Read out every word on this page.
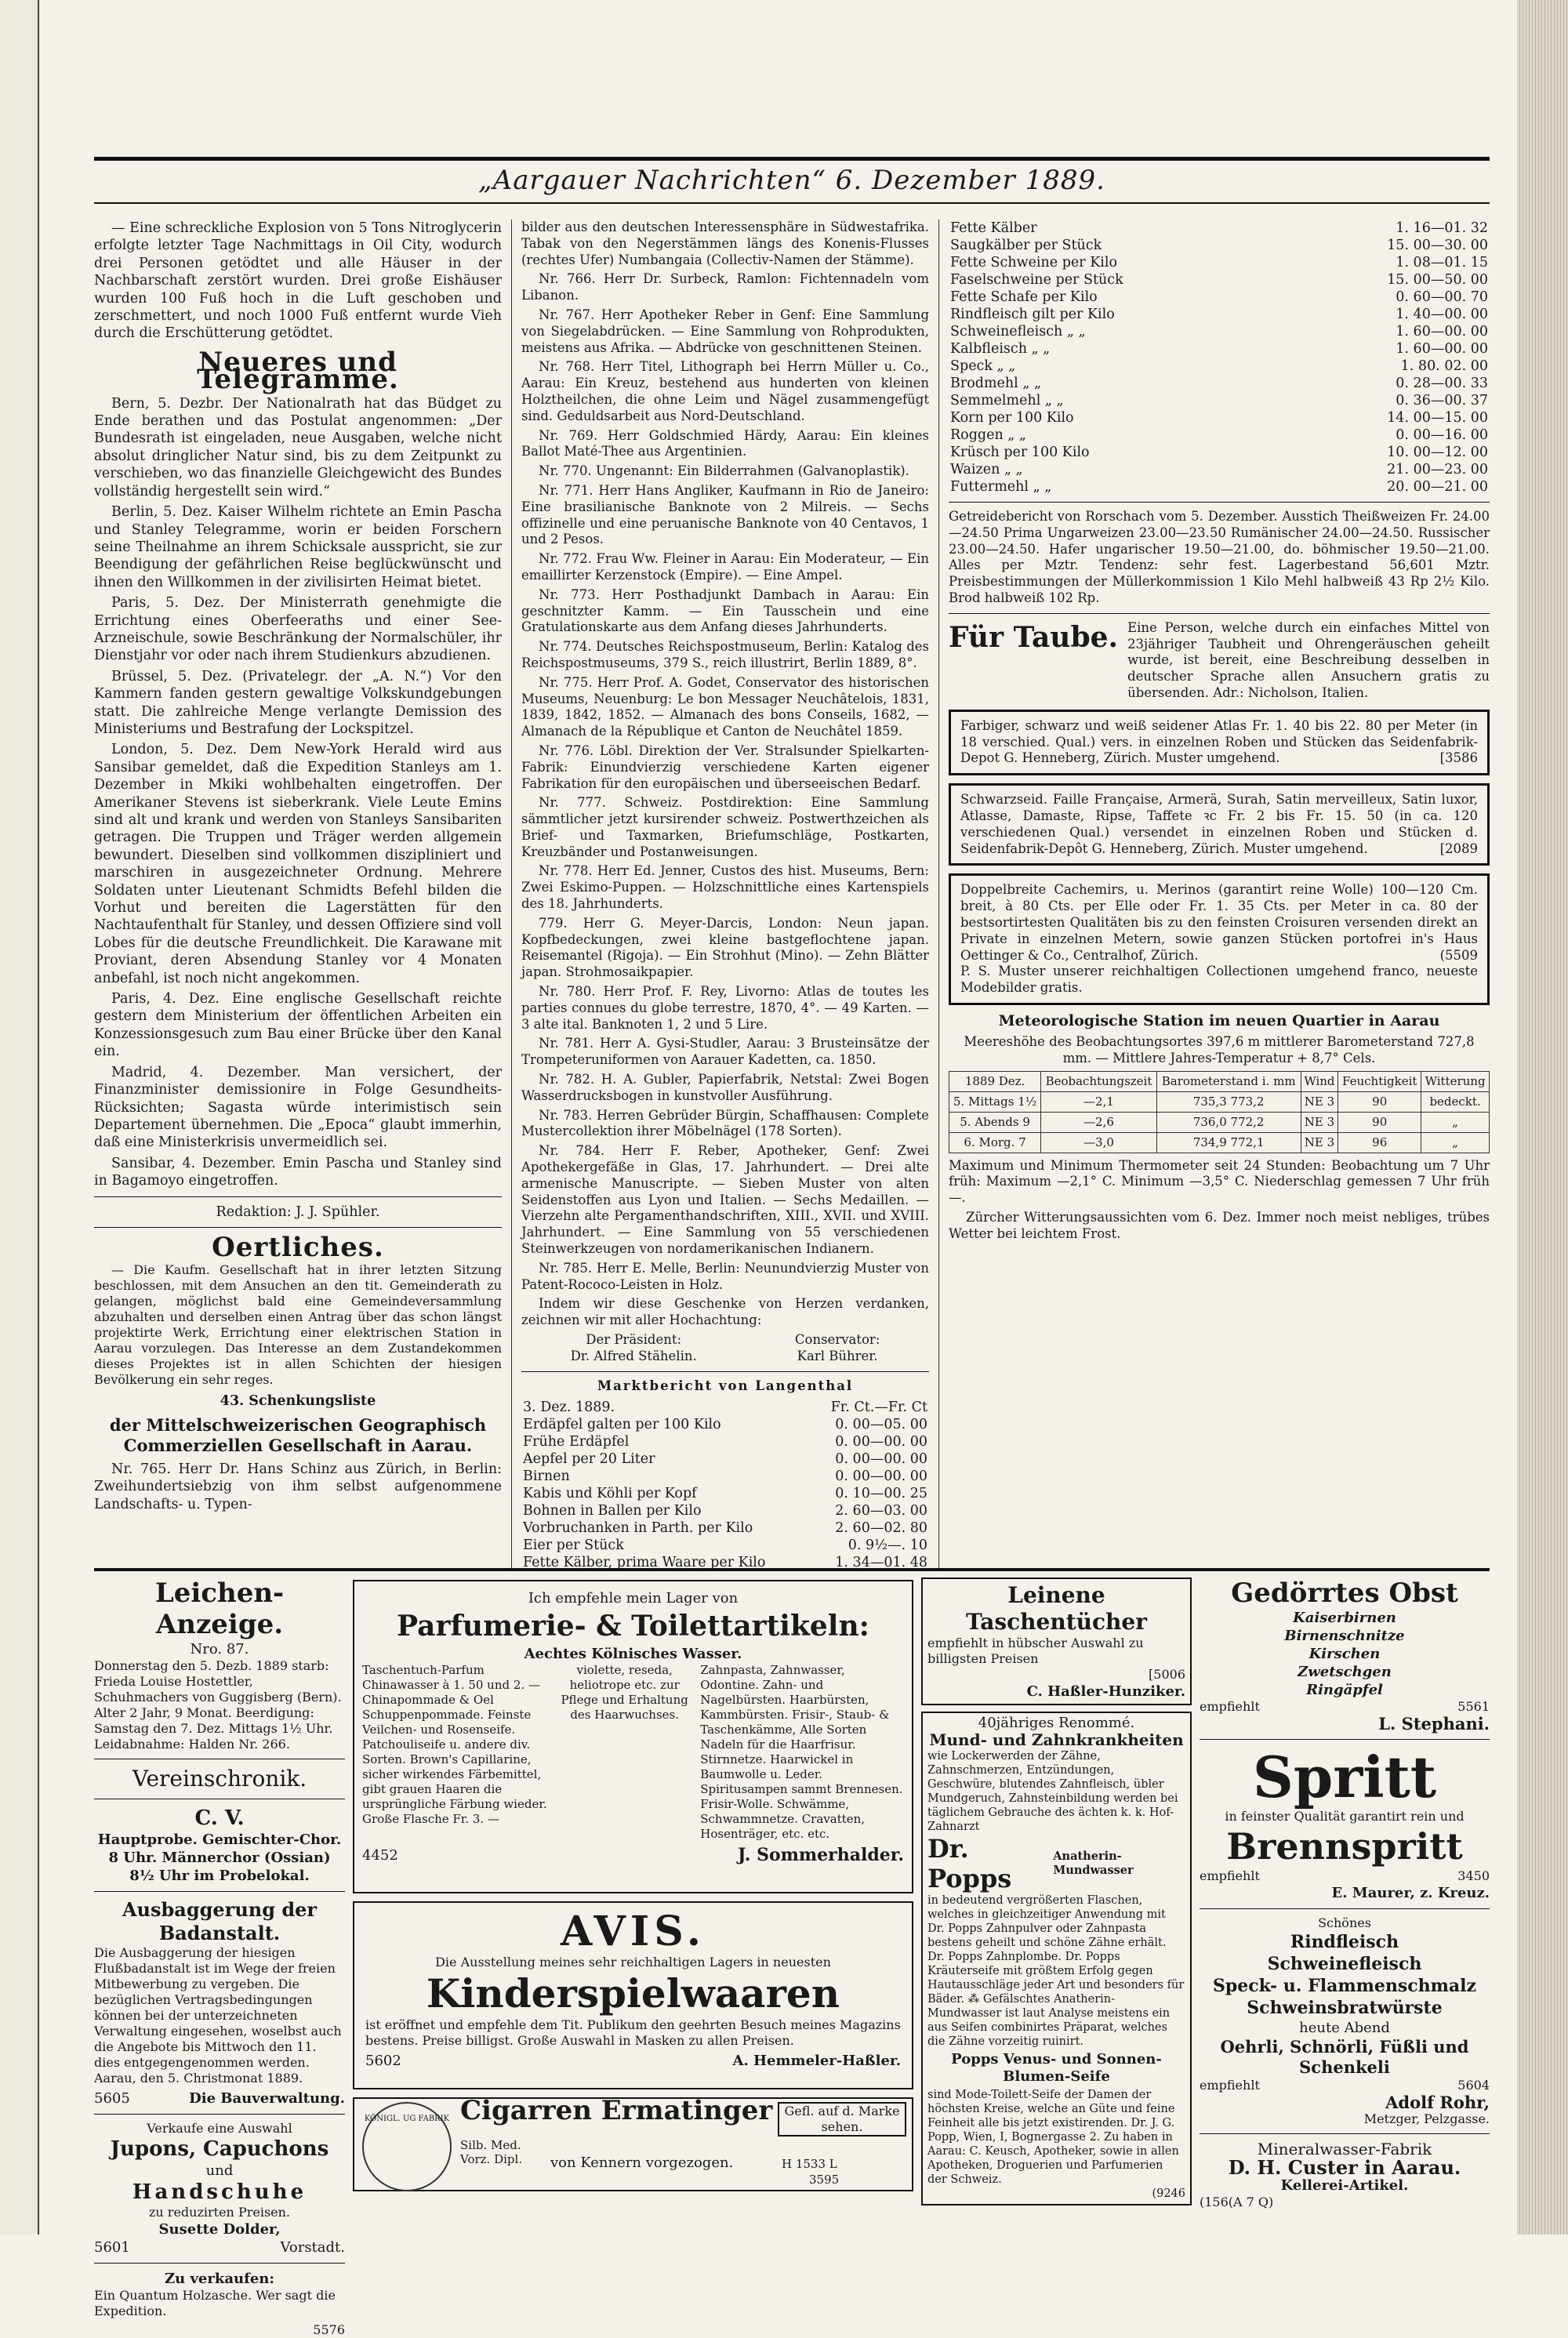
„Aargauer Nachrichten“ 6. Dezember 1889.

— Eine schreckliche Explosion von 5 Tons Nitroglycerin erfolgte letzter Tage Nachmittags in Oil City, wodurch drei Personen getödtet und alle Häuser in der Nachbarschaft zerstört wurden. Drei große Eishäuser wurden 100 Fuß hoch in die Luft geschoben und zerschmettert, und noch 1000 Fuß entfernt wurde Vieh durch die Erschütterung getödtet.

Neueres und Telegramme.

Bern, 5. Dezbr. Der Nationalrath hat das Büdget zu Ende berathen und das Postulat angenommen: „Der Bundesrath ist eingeladen, neue Ausgaben, welche nicht absolut dringlicher Natur sind, bis zu dem Zeitpunkt zu verschieben, wo das finanzielle Gleichgewicht des Bundes vollständig hergestellt sein wird.“

Berlin, 5. Dez. Kaiser Wilhelm richtete an Emin Pascha und Stanley Telegramme, worin er beiden Forschern seine Theilnahme an ihrem Schicksale ausspricht, sie zur Beendigung der gefährlichen Reise beglückwünscht und ihnen den Willkommen in der zivilisirten Heimat bietet.

Paris, 5. Dez. Der Ministerrath genehmigte die Errichtung eines Oberfeeraths und einer See-Arzneischule, sowie Beschränkung der Normalschüler, ihr Dienstjahr vor oder nach ihrem Studienkurs abzudienen.

Brüssel, 5. Dez. (Privatelegr. der „A. N.“) Vor den Kammern fanden gestern gewaltige Volkskundgebungen statt. Die zahlreiche Menge verlangte Demission des Ministeriums und Bestrafung der Lockspitzel.

London, 5. Dez. Dem New-York Herald wird aus Sansibar gemeldet, daß die Expedition Stanleys am 1. Dezember in Mkiki wohlbehalten eingetroffen. Der Amerikaner Stevens ist sieberkrank. Viele Leute Emins sind alt und krank und werden von Stanleys Sansibariten getragen. Die Truppen und Träger werden allgemein bewundert. Dieselben sind vollkommen diszipliniert und marschiren in ausgezeichneter Ordnung. Mehrere Soldaten unter Lieutenant Schmidts Befehl bilden die Vorhut und bereiten die Lagerstätten für den Nachtaufenthalt für Stanley, und dessen Offiziere sind voll Lobes für die deutsche Freundlichkeit. Die Karawane mit Proviant, deren Absendung Stanley vor 4 Monaten anbefahl, ist noch nicht angekommen.

Paris, 4. Dez. Eine englische Gesellschaft reichte gestern dem Ministerium der öffentlichen Arbeiten ein Konzessionsgesuch zum Bau einer Brücke über den Kanal ein.

Madrid, 4. Dezember. Man versichert, der Finanzminister demissionire in Folge Gesundheits-Rücksichten; Sagasta würde interimistisch sein Departement übernehmen. Die „Epoca“ glaubt immerhin, daß eine Ministerkrisis unvermeidlich sei.

Sansibar, 4. Dezember. Emin Pascha und Stanley sind in Bagamoyo eingetroffen.

Redaktion: J. J. Spühler.
Oertliches.

— Die Kaufm. Gesellschaft hat in ihrer letzten Sitzung beschlossen, mit dem Ansuchen an den tit. Gemeinderath zu gelangen, möglichst bald eine Gemeindeversammlung abzuhalten und derselben einen Antrag über das schon längst projektirte Werk, Errichtung einer elektrischen Station in Aarau vorzulegen. Das Interesse an dem Zustandekommen dieses Projektes ist in allen Schichten der hiesigen Bevölkerung ein sehr reges.

43. Schenkungsliste
der Mittelschweizerischen Geographisch Commerziellen Gesellschaft in Aarau.

Nr. 765. Herr Dr. Hans Schinz aus Zürich, in Berlin: Zweihundertsiebzig von ihm selbst aufgenommene Landschafts- u. Typen-

bilder aus den deutschen Interessensphäre in Südwestafrika. Tabak von den Negerstämmen längs des Konenis-Flusses (rechtes Ufer) Numbangaia (Collectiv-Namen der Stämme).

Nr. 766. Herr Dr. Surbeck, Ramlon: Fichtennadeln vom Libanon.

Nr. 767. Herr Apotheker Reber in Genf: Eine Sammlung von Siegelabdrücken. — Eine Sammlung von Rohprodukten, meistens aus Afrika. — Abdrücke von geschnittenen Steinen.

Nr. 768. Herr Titel, Lithograph bei Herrn Müller u. Co., Aarau: Ein Kreuz, bestehend aus hunderten von kleinen Holztheilchen, die ohne Leim und Nägel zusammengefügt sind. Geduldsarbeit aus Nord-Deutschland.

Nr. 769. Herr Goldschmied Härdy, Aarau: Ein kleines Ballot Maté-Thee aus Argentinien.

Nr. 770. Ungenannt: Ein Bilderrahmen (Galvanoplastik).

Nr. 771. Herr Hans Angliker, Kaufmann in Rio de Janeiro: Eine brasilianische Banknote von 2 Milreis. — Sechs offizinelle und eine peruanische Banknote von 40 Centavos, 1 und 2 Pesos.

Nr. 772. Frau Ww. Fleiner in Aarau: Ein Moderateur, — Ein emaillirter Kerzenstock (Empire). — Eine Ampel.

Nr. 773. Herr Posthadjunkt Dambach in Aarau: Ein geschnitzter Kamm. — Ein Tausschein und eine Gratulationskarte aus dem Anfang dieses Jahrhunderts.

Nr. 774. Deutsches Reichspostmuseum, Berlin: Katalog des Reichspostmuseums, 379 S., reich illustrirt, Berlin 1889, 8°.

Nr. 775. Herr Prof. A. Godet, Conservator des historischen Museums, Neuenburg: Le bon Messager Neuchâtelois, 1831, 1839, 1842, 1852. — Almanach des bons Conseils, 1682, — Almanach de la République et Canton de Neuchâtel 1859.

Nr. 776. Löbl. Direktion der Ver. Stralsunder Spielkarten-Fabrik: Einundvierzig verschiedene Karten eigener Fabrikation für den europäischen und überseeischen Bedarf.

Nr. 777. Schweiz. Postdirektion: Eine Sammlung sämmtlicher jetzt kursirender schweiz. Postwerthzeichen als Brief- und Taxmarken, Briefumschläge, Postkarten, Kreuzbänder und Postanweisungen.

Nr. 778. Herr Ed. Jenner, Custos des hist. Museums, Bern: Zwei Eskimo-Puppen. — Holzschnittliche eines Kartenspiels des 18. Jahrhunderts.

779. Herr G. Meyer-Darcis, London: Neun japan. Kopfbedeckungen, zwei kleine bastgeflochtene japan. Reisemantel (Rigoja). — Ein Strohhut (Mino). — Zehn Blätter japan. Strohmosaikpapier.

Nr. 780. Herr Prof. F. Rey, Livorno: Atlas de toutes les parties connues du globe terrestre, 1870, 4°. — 49 Karten. — 3 alte ital. Banknoten 1, 2 und 5 Lire.

Nr. 781. Herr A. Gysi-Studler, Aarau: 3 Brusteinsätze der Trompeteruniformen von Aarauer Kadetten, ca. 1850.

Nr. 782. H. A. Gubler, Papierfabrik, Netstal: Zwei Bogen Wasserdrucksbogen in kunstvoller Ausführung.

Nr. 783. Herren Gebrüder Bürgin, Schaffhausen: Complete Mustercollektion ihrer Möbelnägel (178 Sorten).

Nr. 784. Herr F. Reber, Apotheker, Genf: Zwei Apothekergefäße in Glas, 17. Jahrhundert. — Drei alte armenische Manuscripte. — Sieben Muster von alten Seidenstoffen aus Lyon und Italien. — Sechs Medaillen. — Vierzehn alte Pergamenthandschriften, XIII., XVII. und XVIII. Jahrhundert. — Eine Sammlung von 55 verschiedenen Steinwerkzeugen von nordamerikanischen Indianern.

Nr. 785. Herr E. Melle, Berlin: Neunundvierzig Muster von Patent-Rococo-Leisten in Holz.

Indem wir diese Geschenke von Herzen verdanken, zeichnen wir mit aller Hochachtung:

Der Präsident:
Dr. Alfred Stähelin.
Conservator:
Karl Bührer.
Marktbericht von Langenthal
3. Dez. 1889.	Fr. Ct.—Fr. Ct
Erdäpfel galten per 100 Kilo	0. 00—05. 00
Frühe Erdäpfel	0. 00—00. 00
Aepfel per 20 Liter	0. 00—00. 00
Birnen	0. 00—00. 00
Kabis und Köhli per Kopf	0. 10—00. 25
Bohnen in Ballen per Kilo	2. 60—03. 00
Vorbruchanken in Parth. per Kilo	2. 60—02. 80
Eier per Stück	0. 9½—. 10
Fette Kälber, prima Waare per Kilo	1. 34—01. 48
Fette Kälber	1. 16—01. 32
Saugkälber per Stück	15. 00—30. 00
Fette Schweine per Kilo	1. 08—01. 15
Faselschweine per Stück	15. 00—50. 00
Fette Schafe per Kilo	0. 60—00. 70
Rindfleisch gilt per Kilo	1. 40—00. 00
Schweinefleisch „ „	1. 60—00. 00
Kalbfleisch „ „	1. 60—00. 00
Speck „ „	1. 80. 02. 00
Brodmehl „ „	0. 28—00. 33
Semmelmehl „ „	0. 36—00. 37
Korn per 100 Kilo	14. 00—15. 00
Roggen „ „	0. 00—16. 00
Krüsch per 100 Kilo	10. 00—12. 00
Waizen „ „	21. 00—23. 00
Futtermehl „ „	20. 00—21. 00

Getreidebericht von Rorschach vom 5. Dezember. Ausstich Theißweizen Fr. 24.00—24.50 Prima Ungarweizen 23.00—23.50 Rumänischer 24.00—24.50. Russischer 23.00—24.50. Hafer ungarischer 19.50—21.00, do. böhmischer 19.50—21.00. Alles per Mztr. Tendenz: sehr fest. Lagerbestand 56,601 Mztr. Preisbestimmungen der Müllerkommission 1 Kilo Mehl halbweiß 43 Rp 2½ Kilo. Brod halbweiß 102 Rp.

Für Taube. Eine Person, welche durch ein einfaches Mittel von 23jähriger Taubheit und Ohrengeräuschen geheilt wurde, ist bereit, eine Beschreibung desselben in deutscher Sprache allen Ansuchern gratis zu übersenden. Adr.: Nicholson, Italien.
Farbiger, schwarz und weiß seidener Atlas Fr. 1. 40 bis 22. 80 per Meter (in 18 verschied. Qual.) vers. in einzelnen Roben und Stücken das Seidenfabrik-Depot G. Henneberg, Zürich. Muster umgehend.	[3586
Schwarzseid. Faille Française, Armerä, Surah, Satin merveilleux, Satin luxor, Atlasse, Damaste, Ripse, Taffete ꝛc Fr. 2 bis Fr. 15. 50 (in ca. 120 verschiedenen Qual.) versendet in einzelnen Roben und Stücken d. Seidenfabrik-Depôt G. Henneberg, Zürich. Muster umgehend.	[2089
Doppelbreite Cachemirs, u. Merinos (garantirt reine Wolle) 100—120 Cm. breit, à 80 Cts. per Elle oder Fr. 1. 35 Cts. per Meter in ca. 80 der bestsortirtesten Qualitäten bis zu den feinsten Croisuren versenden direkt an Private in einzelnen Metern, sowie ganzen Stücken portofrei in's Haus Oettinger & Co., Centralhof, Zürich.	(5509
P. S. Muster unserer reichhaltigen Collectionen umgehend franco, neueste Modebilder gratis.
Meteorologische Station im neuen Quartier in Aarau

Meereshöhe des Beobachtungsortes 397,6 m mittlerer Barometerstand 727,8 mm. — Mittlere Jahres-Temperatur + 8,7° Cels.

1889 Dez.	Beobachtungszeit	Barometerstand i. mm	Wind	Feuchtigkeit	Witterung
5. Mittags 1½	—2,1	735,3 773,2	NE 3	90	bedeckt.
5. Abends 9	—2,6	736,0 772,2	NE 3	90	„
6. Morg. 7	—3,0	734,9 772,1	NE 3	96	„

Maximum und Minimum Thermometer seit 24 Stunden: Beobachtung um 7 Uhr früh: Maximum —2,1° C. Minimum —3,5° C. Niederschlag gemessen 7 Uhr früh —.

Zürcher Witterungsaussichten vom 6. Dez. Immer noch meist nebliges, trübes Wetter bei leichtem Frost.

Leichen-Anzeige.
Nro. 87.

Donnerstag den 5. Dezb. 1889 starb: Frieda Louise Hostettler, Schuhmachers von Guggisberg (Bern). Alter 2 Jahr, 9 Monat. Beerdigung: Samstag den 7. Dez. Mittags 1½ Uhr. Leidabnahme: Halden Nr. 266.

Vereinschronik.
C. V.

Hauptprobe. Gemischter-Chor. 8 Uhr. Männerchor (Ossian) 8½ Uhr im Probelokal.

Ausbaggerung der Badanstalt.

Die Ausbaggerung der hiesigen Flußbadanstalt ist im Wege der freien Mitbewerbung zu vergeben. Die bezüglichen Vertragsbedingungen können bei der unterzeichneten Verwaltung eingesehen, woselbst auch die Angebote bis Mittwoch den 11. dies entgegengenommen werden. Aarau, den 5. Christmonat 1889.

5605	Die Bauverwaltung.
Verkaufe eine Auswahl
Jupons, Capuchons
und
Handschuhe
zu reduzirten Preisen.
Susette Dolder,
5601	Vorstadt.
Zu verkaufen:

Ein Quantum Holzasche. Wer sagt die Expedition.

5576
Ich empfehle mein Lager von
Parfumerie- & Toilettartikeln:
Aechtes Kölnisches Wasser.
Taschentuch-Parfum Chinawasser à 1. 50 und 2. — Chinapommade & Oel Schuppenpommade. Feinste Veilchen- und Rosenseife. Patchouliseife u. andere div. Sorten. Brown's Capillarine, sicher wirkendes Färbemittel, gibt grauen Haaren die ursprüngliche Färbung wieder. Große Flasche Fr. 3. —
violette, reseda, heliotrope etc. zur Pflege und Erhaltung des Haarwuchses.
Zahnpasta, Zahnwasser, Odontine. Zahn- und Nagelbürsten. Haarbürsten, Kammbürsten. Frisir-, Staub- & Taschenkämme, Alle Sorten Nadeln für die Haarfrisur. Stirnnetze. Haarwickel in Baumwolle u. Leder. Spiritusampen sammt Brennesen. Frisir-Wolle. Schwämme, Schwammnetze. Cravatten, Hosenträger, etc. etc.
4452	J. Sommerhalder.
AVIS.
Die Ausstellung meines sehr reichhaltigen Lagers in neuesten
Kinderspielwaaren

ist eröffnet und empfehle dem Tit. Publikum den geehrten Besuch meines Magazins bestens. Preise billigst. Große Auswahl in Masken zu allen Preisen.

5602	A. Hemmeler-Haßler.
KÖNIGL. UG FABRIK Cigarren Ermatinger
Silb. Med. Vorz. Dipl.	von Kennern vorgezogen.
Gefl. auf d. Marke sehen.
H 1533 L
3595
Leinene Taschentücher
empfiehlt in hübscher Auswahl zu billigsten Preisen
[5006
C. Haßler-Hunziker.
40jähriges Renommé.
Mund- und Zahnkrankheiten
wie Lockerwerden der Zähne, Zahnschmerzen, Entzündungen, Geschwüre, blutendes Zahnfleisch, übler Mundgeruch, Zahnsteinbildung werden bei täglichem Gebrauche des ächten k. k. Hof-Zahnarzt
Dr. Popps
Anatherin-Mundwasser
in bedeutend vergrößerten Flaschen, welches in gleichzeitiger Anwendung mit Dr. Popps Zahnpulver oder Zahnpasta bestens geheilt und schöne Zähne erhält. Dr. Popps Zahnplombe. Dr. Popps Kräuterseife mit größtem Erfolg gegen Hautausschläge jeder Art und besonders für Bäder. ⁂ Gefälschtes Anatherin-Mundwasser ist laut Analyse meistens ein aus Seifen combinirtes Präparat, welches die Zähne vorzeitig ruinirt.
Popps Venus- und Sonnen-Blumen-Seife
sind Mode-Toilett-Seife der Damen der höchsten Kreise, welche an Güte und feine Feinheit alle bis jetzt existirenden. Dr. J. G. Popp, Wien, I, Bognergasse 2. Zu haben in Aarau: C. Keusch, Apotheker, sowie in allen Apotheken, Droguerien und Parfumerien der Schweiz.
(9246
Gedörrtes Obst
Kaiserbirnen
Birnenschnitze
Kirschen
Zwetschgen
Ringäpfel
empfiehlt	5561
L. Stephani.
Spritt
in feinster Qualität garantirt rein und
Brennspritt
empfiehlt	3450
E. Maurer, z. Kreuz.
Schönes
Rindfleisch
Schweinefleisch
Speck- u. Flammenschmalz
Schweinsbratwürste
heute Abend
Oehrli, Schnörli, Füßli und Schenkeli
empfiehlt	5604
Adolf Rohr,
Metzger, Pelzgasse.
Mineralwasser-Fabrik
D. H. Custer in Aarau.
Kellerei-Artikel.
(156(A 7 Q)
